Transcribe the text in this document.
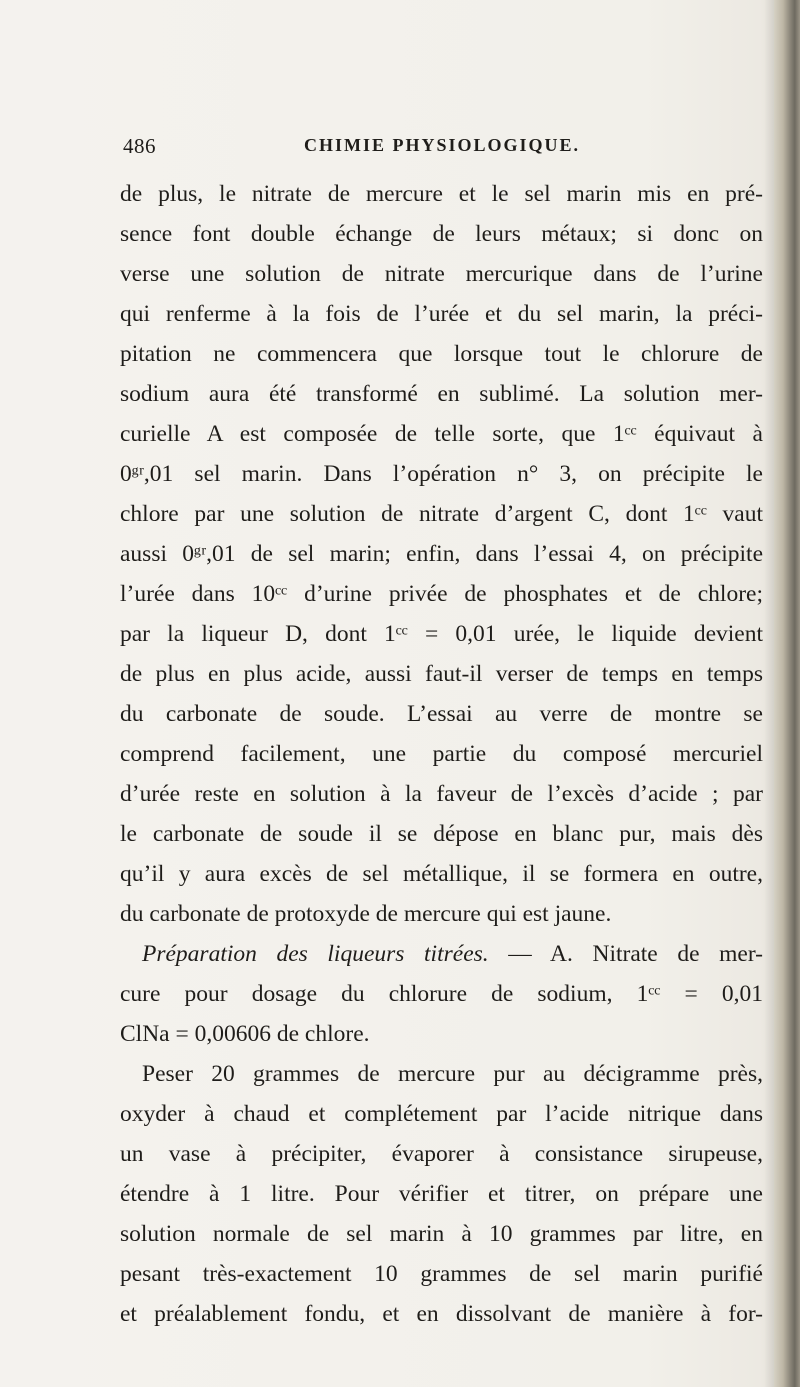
486	CHIMIE PHYSIOLOGIQUE.
de plus, le nitrate de mercure et le sel marin mis en pré-
sence font double échange de leurs métaux; si donc on
verse une solution de nitrate mercurique dans de l’urine
qui renferme à la fois de l’urée et du sel marin, la préci-
pitation ne commencera que lorsque tout le chlorure de
sodium aura été transformé en sublimé. La solution mer-
curielle A est composée de telle sorte, que 1ᶜᶜ équivaut à
0ᵍʳ,01 sel marin. Dans l’opération n° 3, on précipite le
chlore par une solution de nitrate d’argent C, dont 1ᶜᶜ vaut
aussi 0ᵍʳ,01 de sel marin; enfin, dans l’essai 4, on précipite
l’urée dans 10ᶜᶜ d’urine privée de phosphates et de chlore;
par la liqueur D, dont 1ᶜᶜ = 0,01 urée, le liquide devient
de plus en plus acide, aussi faut-il verser de temps en temps
du carbonate de soude. L’essai au verre de montre se
comprend facilement, une partie du composé mercuriel
d’urée reste en solution à la faveur de l’excès d’acide ; par
le carbonate de soude il se dépose en blanc pur, mais dès
qu’il y aura excès de sel métallique, il se formera en outre,
du carbonate de protoxyde de mercure qui est jaune.
Préparation des liqueurs titrées. — A. Nitrate de mer-
cure pour dosage du chlorure de sodium, 1ᶜᶜ = 0,01
ClNa = 0,00606 de chlore.
Peser 20 grammes de mercure pur au décigramme près,
oxyder à chaud et complétement par l’acide nitrique dans
un vase à précipiter, évaporer à consistance sirupeuse,
étendre à 1 litre. Pour vérifier et titrer, on prépare une
solution normale de sel marin à 10 grammes par litre, en
pesant très-exactement 10 grammes de sel marin purifié
et préalablement fondu, et en dissolvant de manière à for-
